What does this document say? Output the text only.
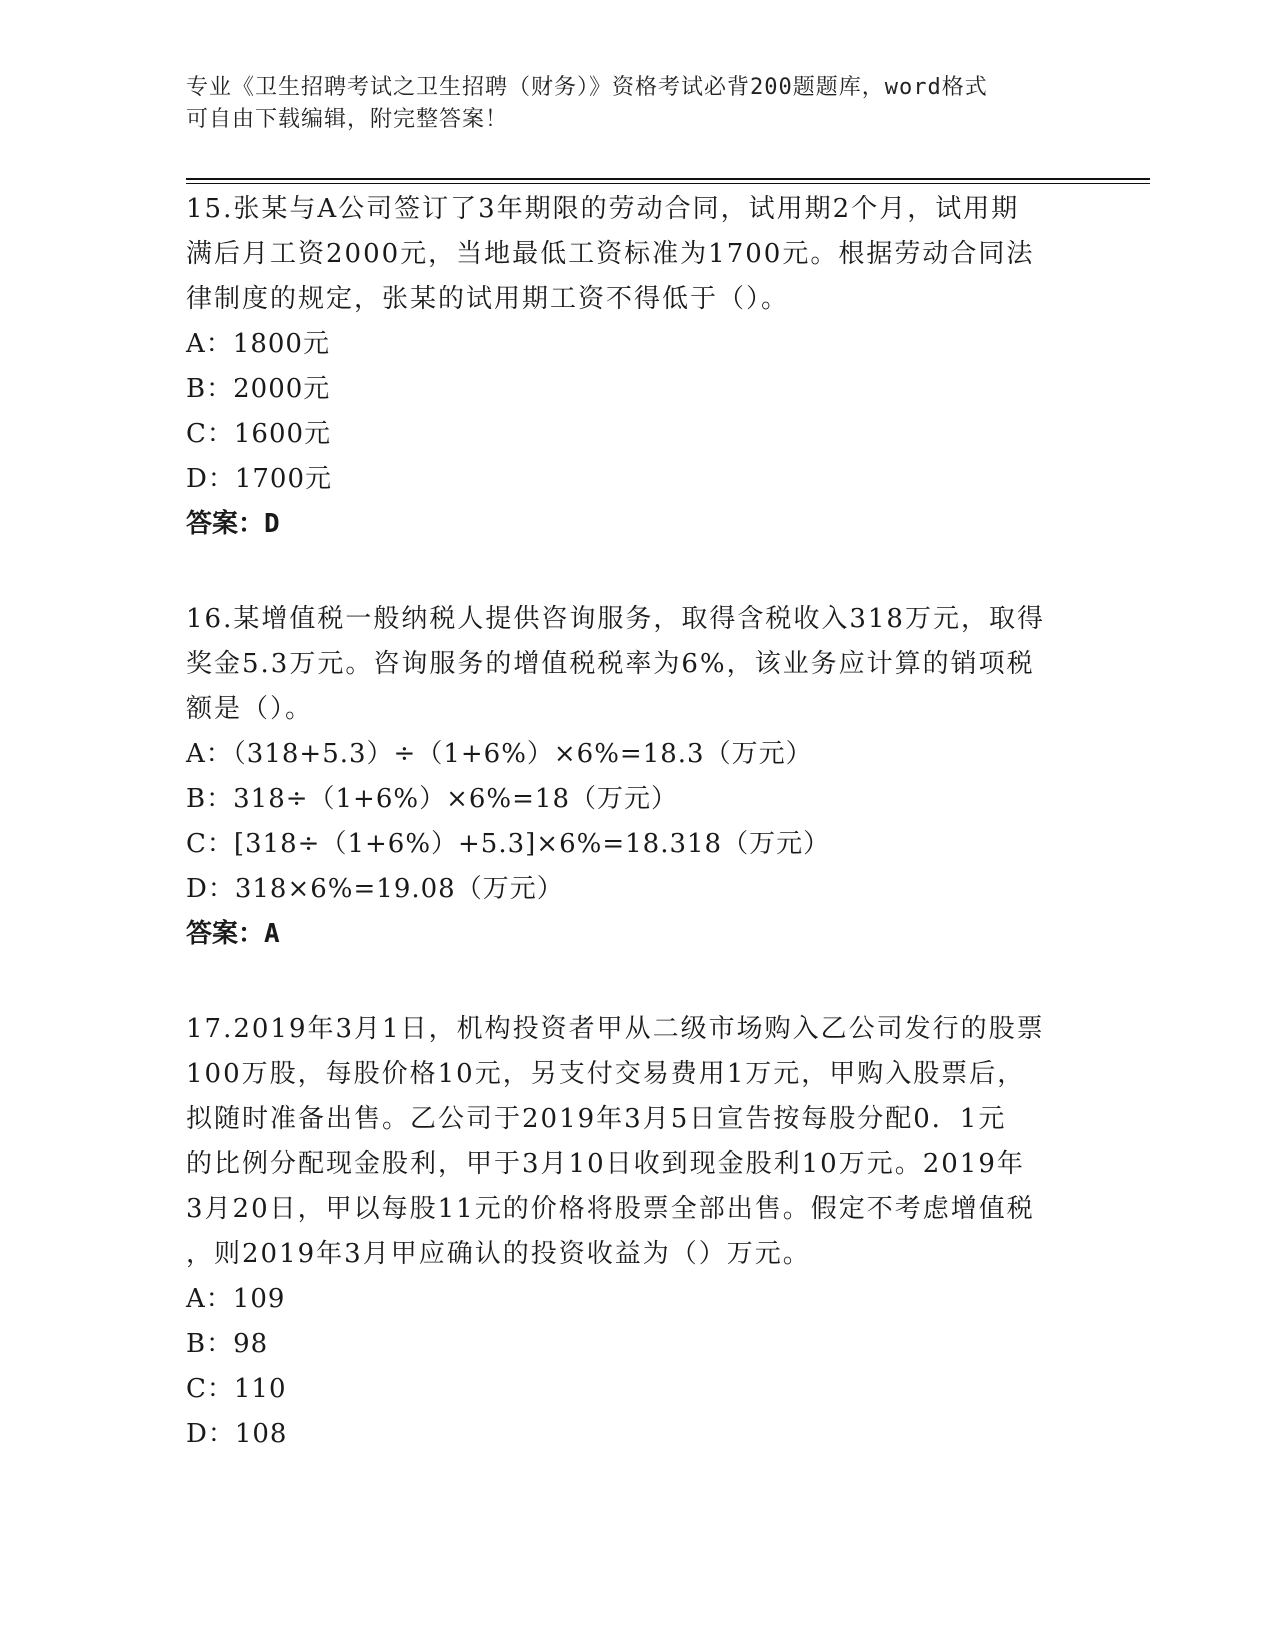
专业《卫生招聘考试之卫生招聘（财务）》资格考试必背200题题库，word格式
可自由下载编辑，附完整答案！
15.张某与A公司签订了3年期限的劳动合同，试用期2个月，试用期
满后月工资2000元，当地最低工资标准为1700元。根据劳动合同法
律制度的规定，张某的试用期工资不得低于（）。
A：1800元
B：2000元
C：1600元
D：1700元
答案：D
16.某增值税一般纳税人提供咨询服务，取得含税收入318万元，取得
奖金5.3万元。咨询服务的增值税税率为6%，该业务应计算的销项税
额是（）。
A：（318+5.3）÷（1+6%）×6%=18.3（万元）
B：318÷（1+6%）×6%=18（万元）
C：[318÷（1+6%）+5.3]×6%=18.318（万元）
D：318×6%=19.08（万元）
答案：A
17.2019年3月1日，机构投资者甲从二级市场购入乙公司发行的股票
100万股，每股价格10元，另支付交易费用1万元，甲购入股票后，
拟随时准备出售。乙公司于2019年3月5日宣告按每股分配0．1元
的比例分配现金股利，甲于3月10日收到现金股利10万元。2019年
3月20日，甲以每股11元的价格将股票全部出售。假定不考虑增值税
，则2019年3月甲应确认的投资收益为（）万元。
A：109
B：98
C：110
D：108
